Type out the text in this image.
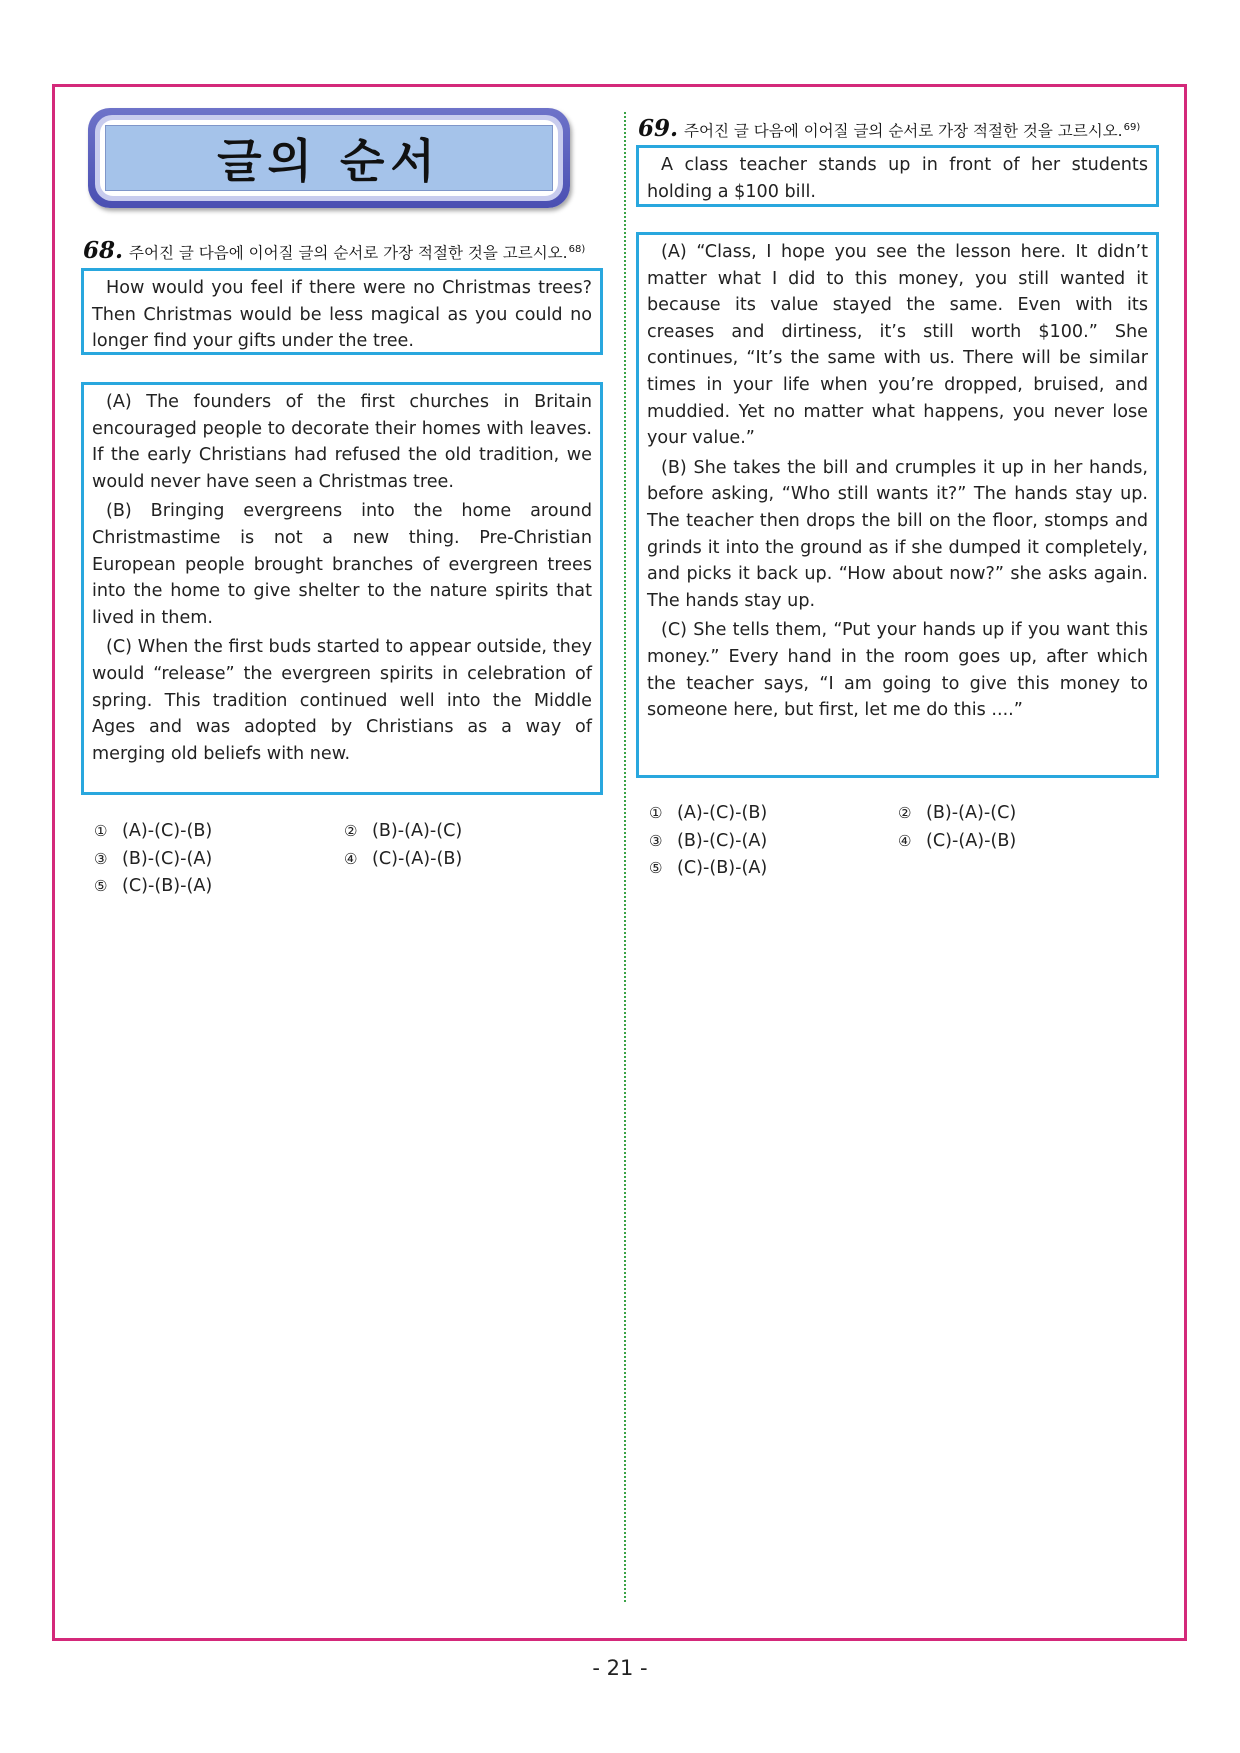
글의 순서
68. 주어진 글 다음에 이어질 글의 순서로 가장 적절한 것을 고르시오.$^{68)}$

How would you feel if there were no Christmas trees? Then Christmas would be less magical as you could no longer find your gifts under the tree.

(A) The founders of the first churches in Britain encouraged people to decorate their homes with leaves. If the early Christians had refused the old tradition, we would never have seen a Christmas tree.

(B) Bringing evergreens into the home around Christmastime is not a new thing. Pre-Christian European people brought branches of evergreen trees into the home to give shelter to the nature spirits that lived in them.

(C) When the first buds started to appear outside, they would “release” the evergreen spirits in celebration of spring. This tradition continued well into the Middle Ages and was adopted by Christians as a way of merging old beliefs with new.

① (A)-(C)-(B)
③ (B)-(C)-(A)
⑤ (C)-(B)-(A)
② (B)-(A)-(C)
④ (C)-(A)-(B)
69. 주어진 글 다음에 이어질 글의 순서로 가장 적절한 것을 고르시오.$^{69)}$

A class teacher stands up in front of her students holding a $100 bill.

(A) “Class, I hope you see the lesson here. It didn’t matter what I did to this money, you still wanted it because its value stayed the same. Even with its creases and dirtiness, it’s still worth $100.” She continues, “It’s the same with us. There will be similar times in your life when you’re dropped, bruised, and muddied. Yet no matter what happens, you never lose your value.”

(B) She takes the bill and crumples it up in her hands, before asking, “Who still wants it?” The hands stay up. The teacher then drops the bill on the floor, stomps and grinds it into the ground as if she dumped it completely, and picks it back up. “How about now?” she asks again. The hands stay up.

(C) She tells them, “Put your hands up if you want this money.” Every hand in the room goes up, after which the teacher says, “I am going to give this money to someone here, but first, let me do this ....”

① (A)-(C)-(B)
③ (B)-(C)-(A)
⑤ (C)-(B)-(A)
② (B)-(A)-(C)
④ (C)-(A)-(B)
- 21 -
